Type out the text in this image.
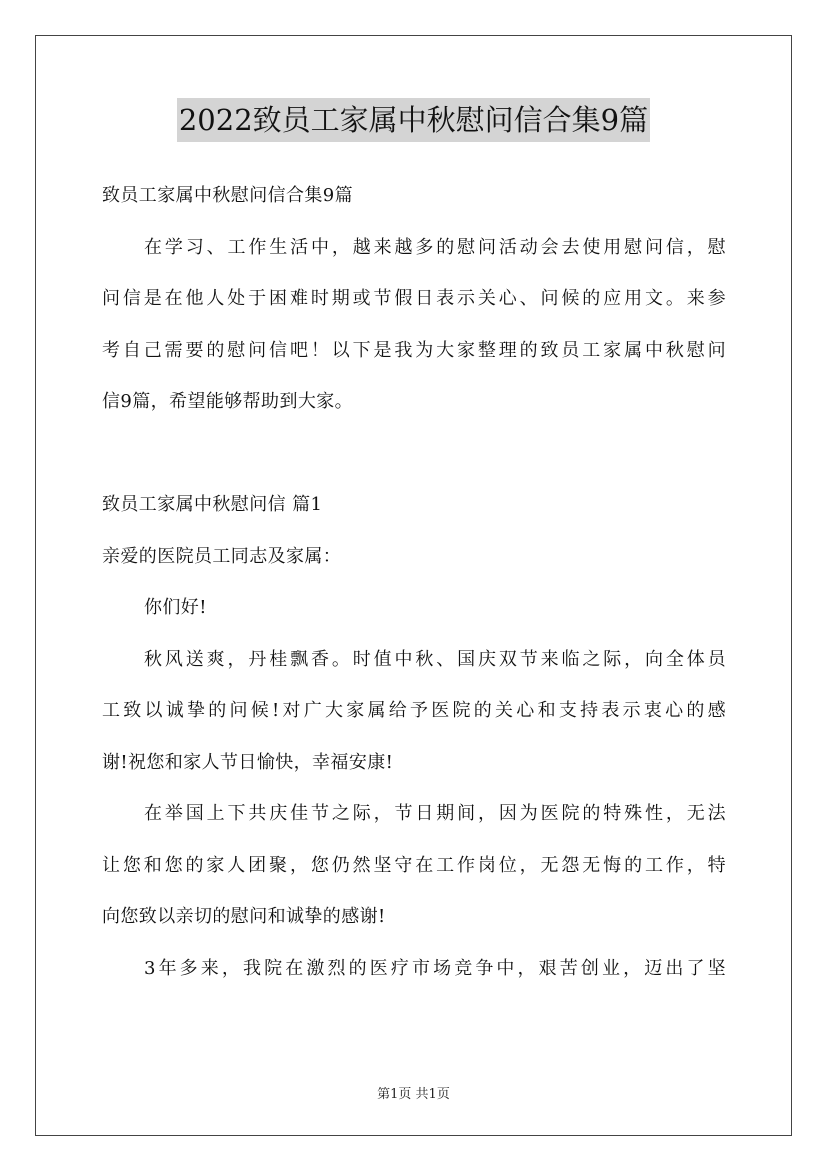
2022致员工家属中秋慰问信合集9篇
致员工家属中秋慰问信合集9篇
在学习、工作生活中，越来越多的慰问活动会去使用慰问信，慰
问信是在他人处于困难时期或节假日表示关心、问候的应用文。来参
考自己需要的慰问信吧！以下是我为大家整理的致员工家属中秋慰问
信9篇，希望能够帮助到大家。
致员工家属中秋慰问信 篇1
亲爱的医院员工同志及家属：
你们好!
秋风送爽，丹桂飘香。时值中秋、国庆双节来临之际，向全体员
工致以诚挚的问候!对广大家属给予医院的关心和支持表示衷心的感
谢!祝您和家人节日愉快，幸福安康!
在举国上下共庆佳节之际，节日期间，因为医院的特殊性，无法
让您和您的家人团聚，您仍然坚守在工作岗位，无怨无悔的工作，特
向您致以亲切的慰问和诚挚的感谢!
3年多来，我院在激烈的医疗市场竞争中，艰苦创业，迈出了坚
第1页 共1页
